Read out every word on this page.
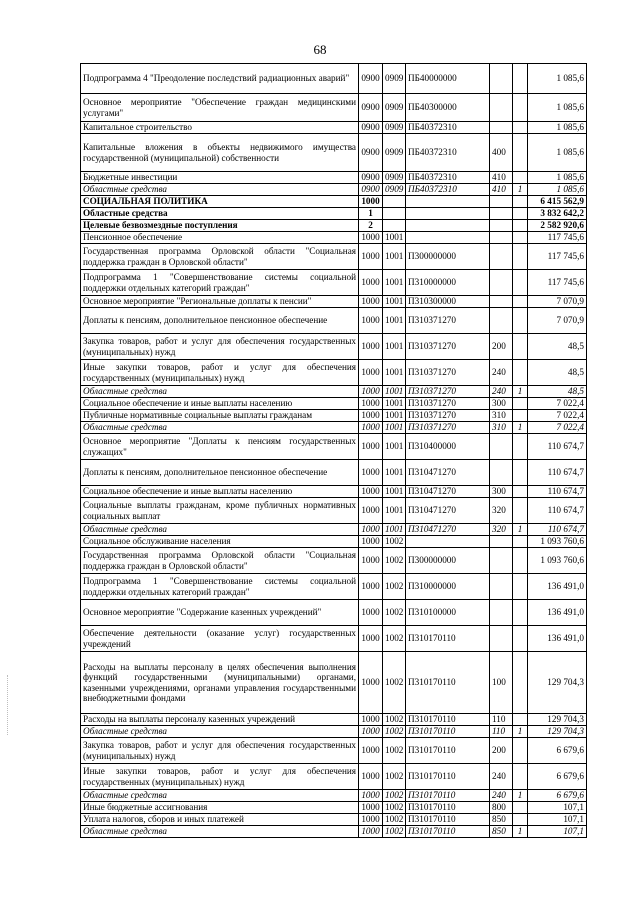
68
Подпрограмма 4 "Преодоление последствий радиационных аварий"	0900	0909	ПБ40000000			1 085,6
Основное мероприятие "Обеспечение граждан медицинскими услугами"	0900	0909	ПБ40300000			1 085,6
Капитальное строительство	0900	0909	ПБ40372310			1 085,6
Капитальные вложения в объекты недвижимого имущества государственной (муниципальной) собственности	0900	0909	ПБ40372310	400		1 085,6
Бюджетные инвестиции	0900	0909	ПБ40372310	410		1 085,6
Областные средства	0900	0909	ПБ40372310	410	1	1 085,6
СОЦИАЛЬНАЯ ПОЛИТИКА	1000					6 415 562,9
Областные средства	1					3 832 642,2
Целевые безвозмездные поступления	2					2 582 920,6
Пенсионное обеспечение	1000	1001				117 745,6
Государственная программа Орловской области "Социальная поддержка граждан в Орловской области"	1000	1001	П300000000			117 745,6
Подпрограмма 1 "Совершенствование системы социальной поддержки отдельных категорий граждан"	1000	1001	П310000000			117 745,6
Основное мероприятие "Региональные доплаты к пенсии"	1000	1001	П310300000			7 070,9
Доплаты к пенсиям, дополнительное пенсионное обеспечение	1000	1001	П310371270			7 070,9
Закупка товаров, работ и услуг для обеспечения государственных (муниципальных) нужд	1000	1001	П310371270	200		48,5
Иные закупки товаров, работ и услуг для обеспечения государственных (муниципальных) нужд	1000	1001	П310371270	240		48,5
Областные средства	1000	1001	П310371270	240	1	48,5
Социальное обеспечение и иные выплаты населению	1000	1001	П310371270	300		7 022,4
Публичные нормативные социальные выплаты гражданам	1000	1001	П310371270	310		7 022,4
Областные средства	1000	1001	П310371270	310	1	7 022,4
Основное мероприятие "Доплаты к пенсиям государственных служащих"	1000	1001	П310400000			110 674,7
Доплаты к пенсиям, дополнительное пенсионное обеспечение	1000	1001	П310471270			110 674,7
Социальное обеспечение и иные выплаты населению	1000	1001	П310471270	300		110 674,7
Социальные выплаты гражданам, кроме публичных нормативных социальных выплат	1000	1001	П310471270	320		110 674,7
Областные средства	1000	1001	П310471270	320	1	110 674,7
Социальное обслуживание населения	1000	1002				1 093 760,6
Государственная программа Орловской области "Социальная поддержка граждан в Орловской области"	1000	1002	П300000000			1 093 760,6
Подпрограмма 1 "Совершенствование системы социальной поддержки отдельных категорий граждан"	1000	1002	П310000000			136 491,0
Основное мероприятие "Содержание казенных учреждений"	1000	1002	П310100000			136 491,0
Обеспечение деятельности (оказание услуг) государственных учреждений	1000	1002	П310170110			136 491,0
Расходы на выплаты персоналу в целях обеспечения выполнения функций государственными (муниципальными) органами, казенными учреждениями, органами управления государственными внебюджетными фондами	1000	1002	П310170110	100		129 704,3
Расходы на выплаты персоналу казенных учреждений	1000	1002	П310170110	110		129 704,3
Областные средства	1000	1002	П310170110	110	1	129 704,3
Закупка товаров, работ и услуг для обеспечения государственных (муниципальных) нужд	1000	1002	П310170110	200		6 679,6
Иные закупки товаров, работ и услуг для обеспечения государственных (муниципальных) нужд	1000	1002	П310170110	240		6 679,6
Областные средства	1000	1002	П310170110	240	1	6 679,6
Иные бюджетные ассигнования	1000	1002	П310170110	800		107,1
Уплата налогов, сборов и иных платежей	1000	1002	П310170110	850		107,1
Областные средства	1000	1002	П310170110	850	1	107,1
